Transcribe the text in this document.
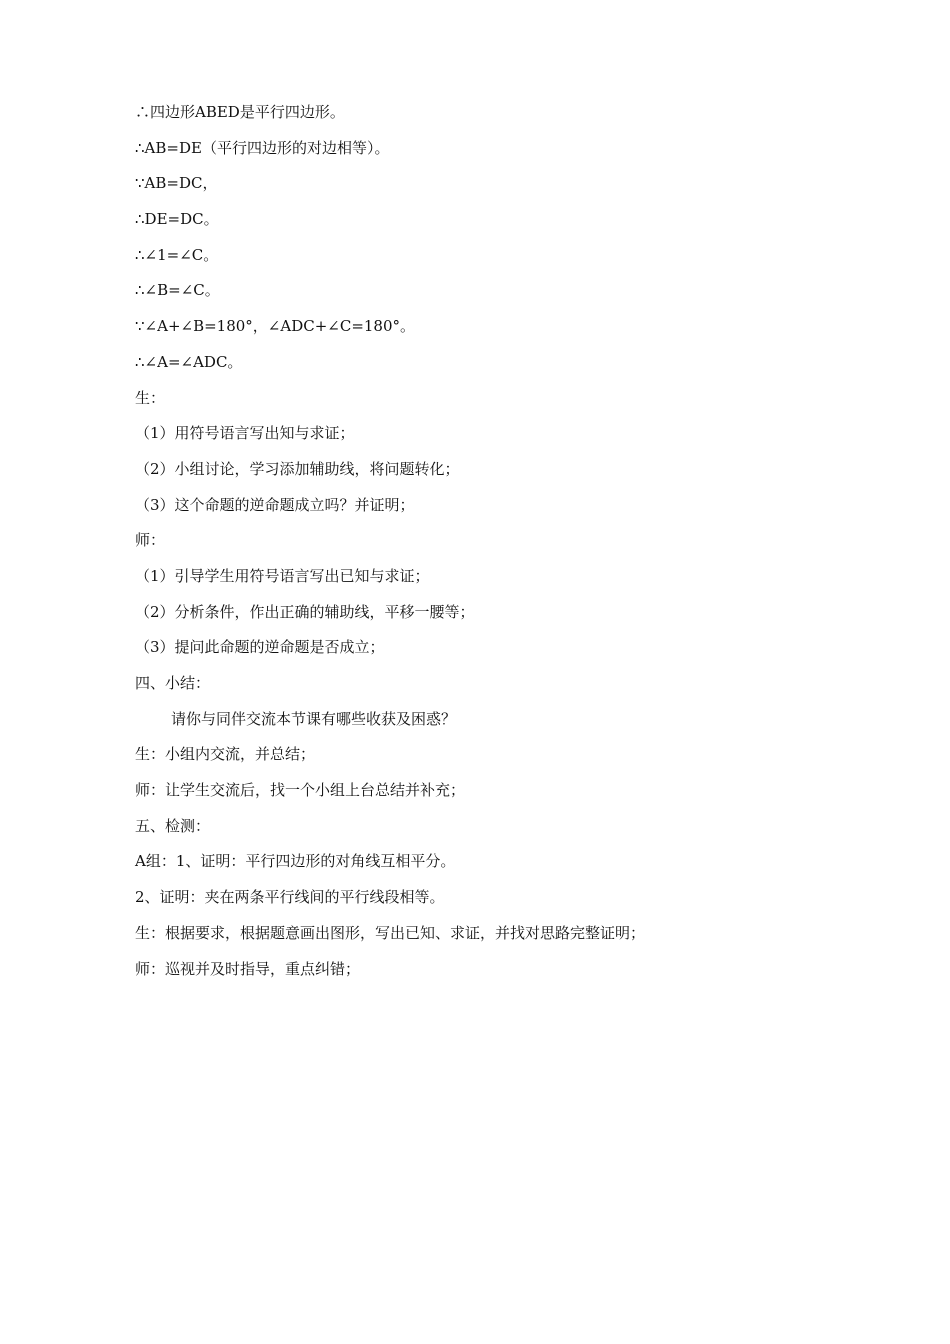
∴四边形ABED是平行四边形。
∴AB=DE（平行四边形的对边相等）。
∵AB=DC，
∴DE=DC。
∴∠1=∠C。
∴∠B=∠C。
∵∠A+∠B=180°，∠ADC+∠C=180°。
∴∠A=∠ADC。
生：
（1）用符号语言写出知与求证；
（2）小组讨论，学习添加辅助线，将问题转化；
（3）这个命题的逆命题成立吗？并证明；
师：
（1）引导学生用符号语言写出已知与求证；
（2）分析条件，作出正确的辅助线，平移一腰等；
（3）提问此命题的逆命题是否成立；
四、小结：
请你与同伴交流本节课有哪些收获及困惑？
生：小组内交流，并总结；
师：让学生交流后，找一个小组上台总结并补充；
五、检测：
A组：1、证明：平行四边形的对角线互相平分。
2、证明：夹在两条平行线间的平行线段相等。
生：根据要求，根据题意画出图形，写出已知、求证，并找对思路完整证明；
师：巡视并及时指导，重点纠错；
